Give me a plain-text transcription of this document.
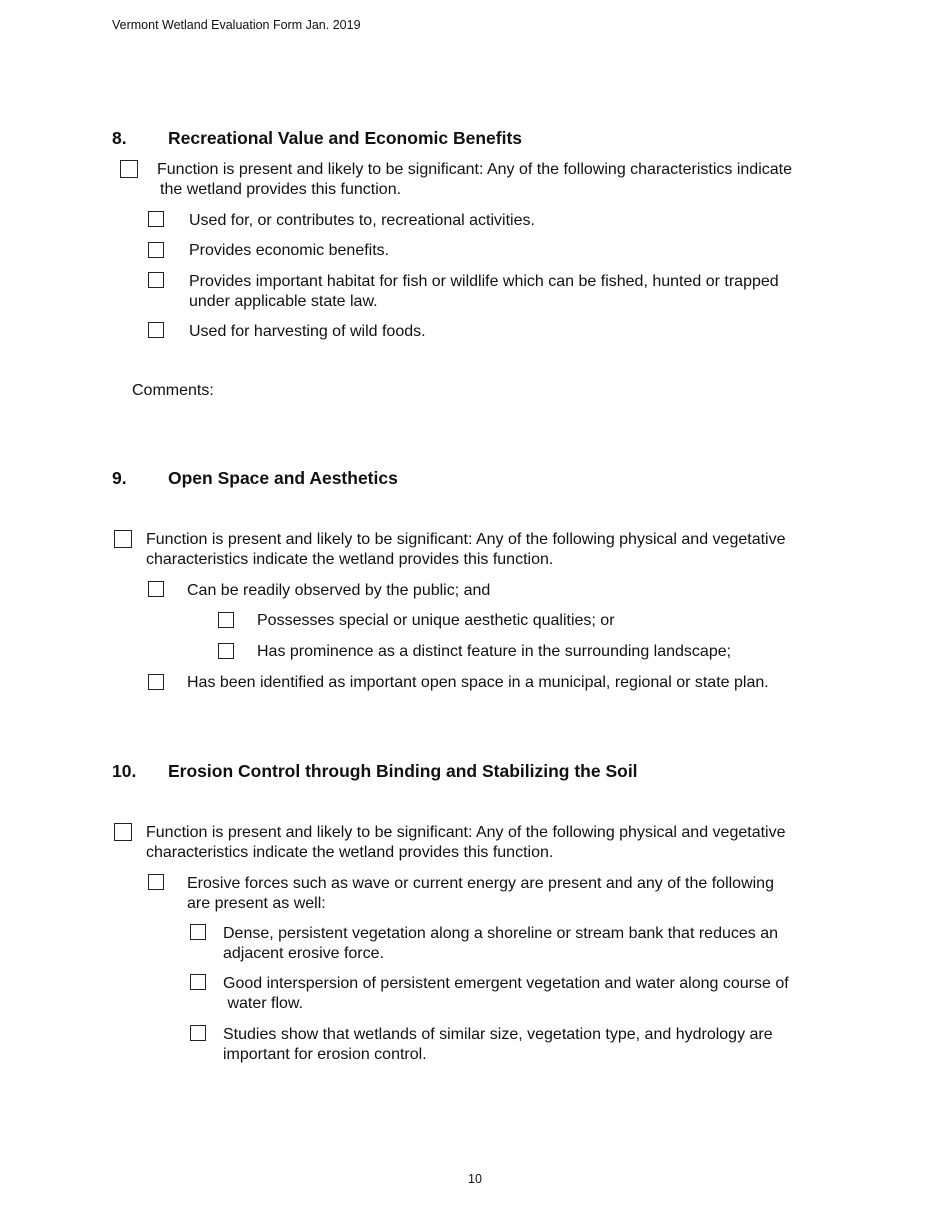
Vermont Wetland Evaluation Form Jan. 2019
8. Recreational Value and Economic Benefits
Function is present and likely to be significant: Any of the following characteristics indicate
the wetland provides this function.
Used for, or contributes to, recreational activities.
Provides economic benefits.
Provides important habitat for fish or wildlife which can be fished, hunted or trapped
under applicable state law.
Used for harvesting of wild foods.
Comments:
9. Open Space and Aesthetics
Function is present and likely to be significant: Any of the following physical and vegetative
characteristics indicate the wetland provides this function.
Can be readily observed by the public; and
Possesses special or unique aesthetic qualities; or
Has prominence as a distinct feature in the surrounding landscape;
Has been identified as important open space in a municipal, regional or state plan.
10. Erosion Control through Binding and Stabilizing the Soil
Function is present and likely to be significant: Any of the following physical and vegetative
characteristics indicate the wetland provides this function.
Erosive forces such as wave or current energy are present and any of the following
are present as well:
Dense, persistent vegetation along a shoreline or stream bank that reduces an
adjacent erosive force.
Good interspersion of persistent emergent vegetation and water along course of
water flow.
Studies show that wetlands of similar size, vegetation type, and hydrology are
important for erosion control.
10
